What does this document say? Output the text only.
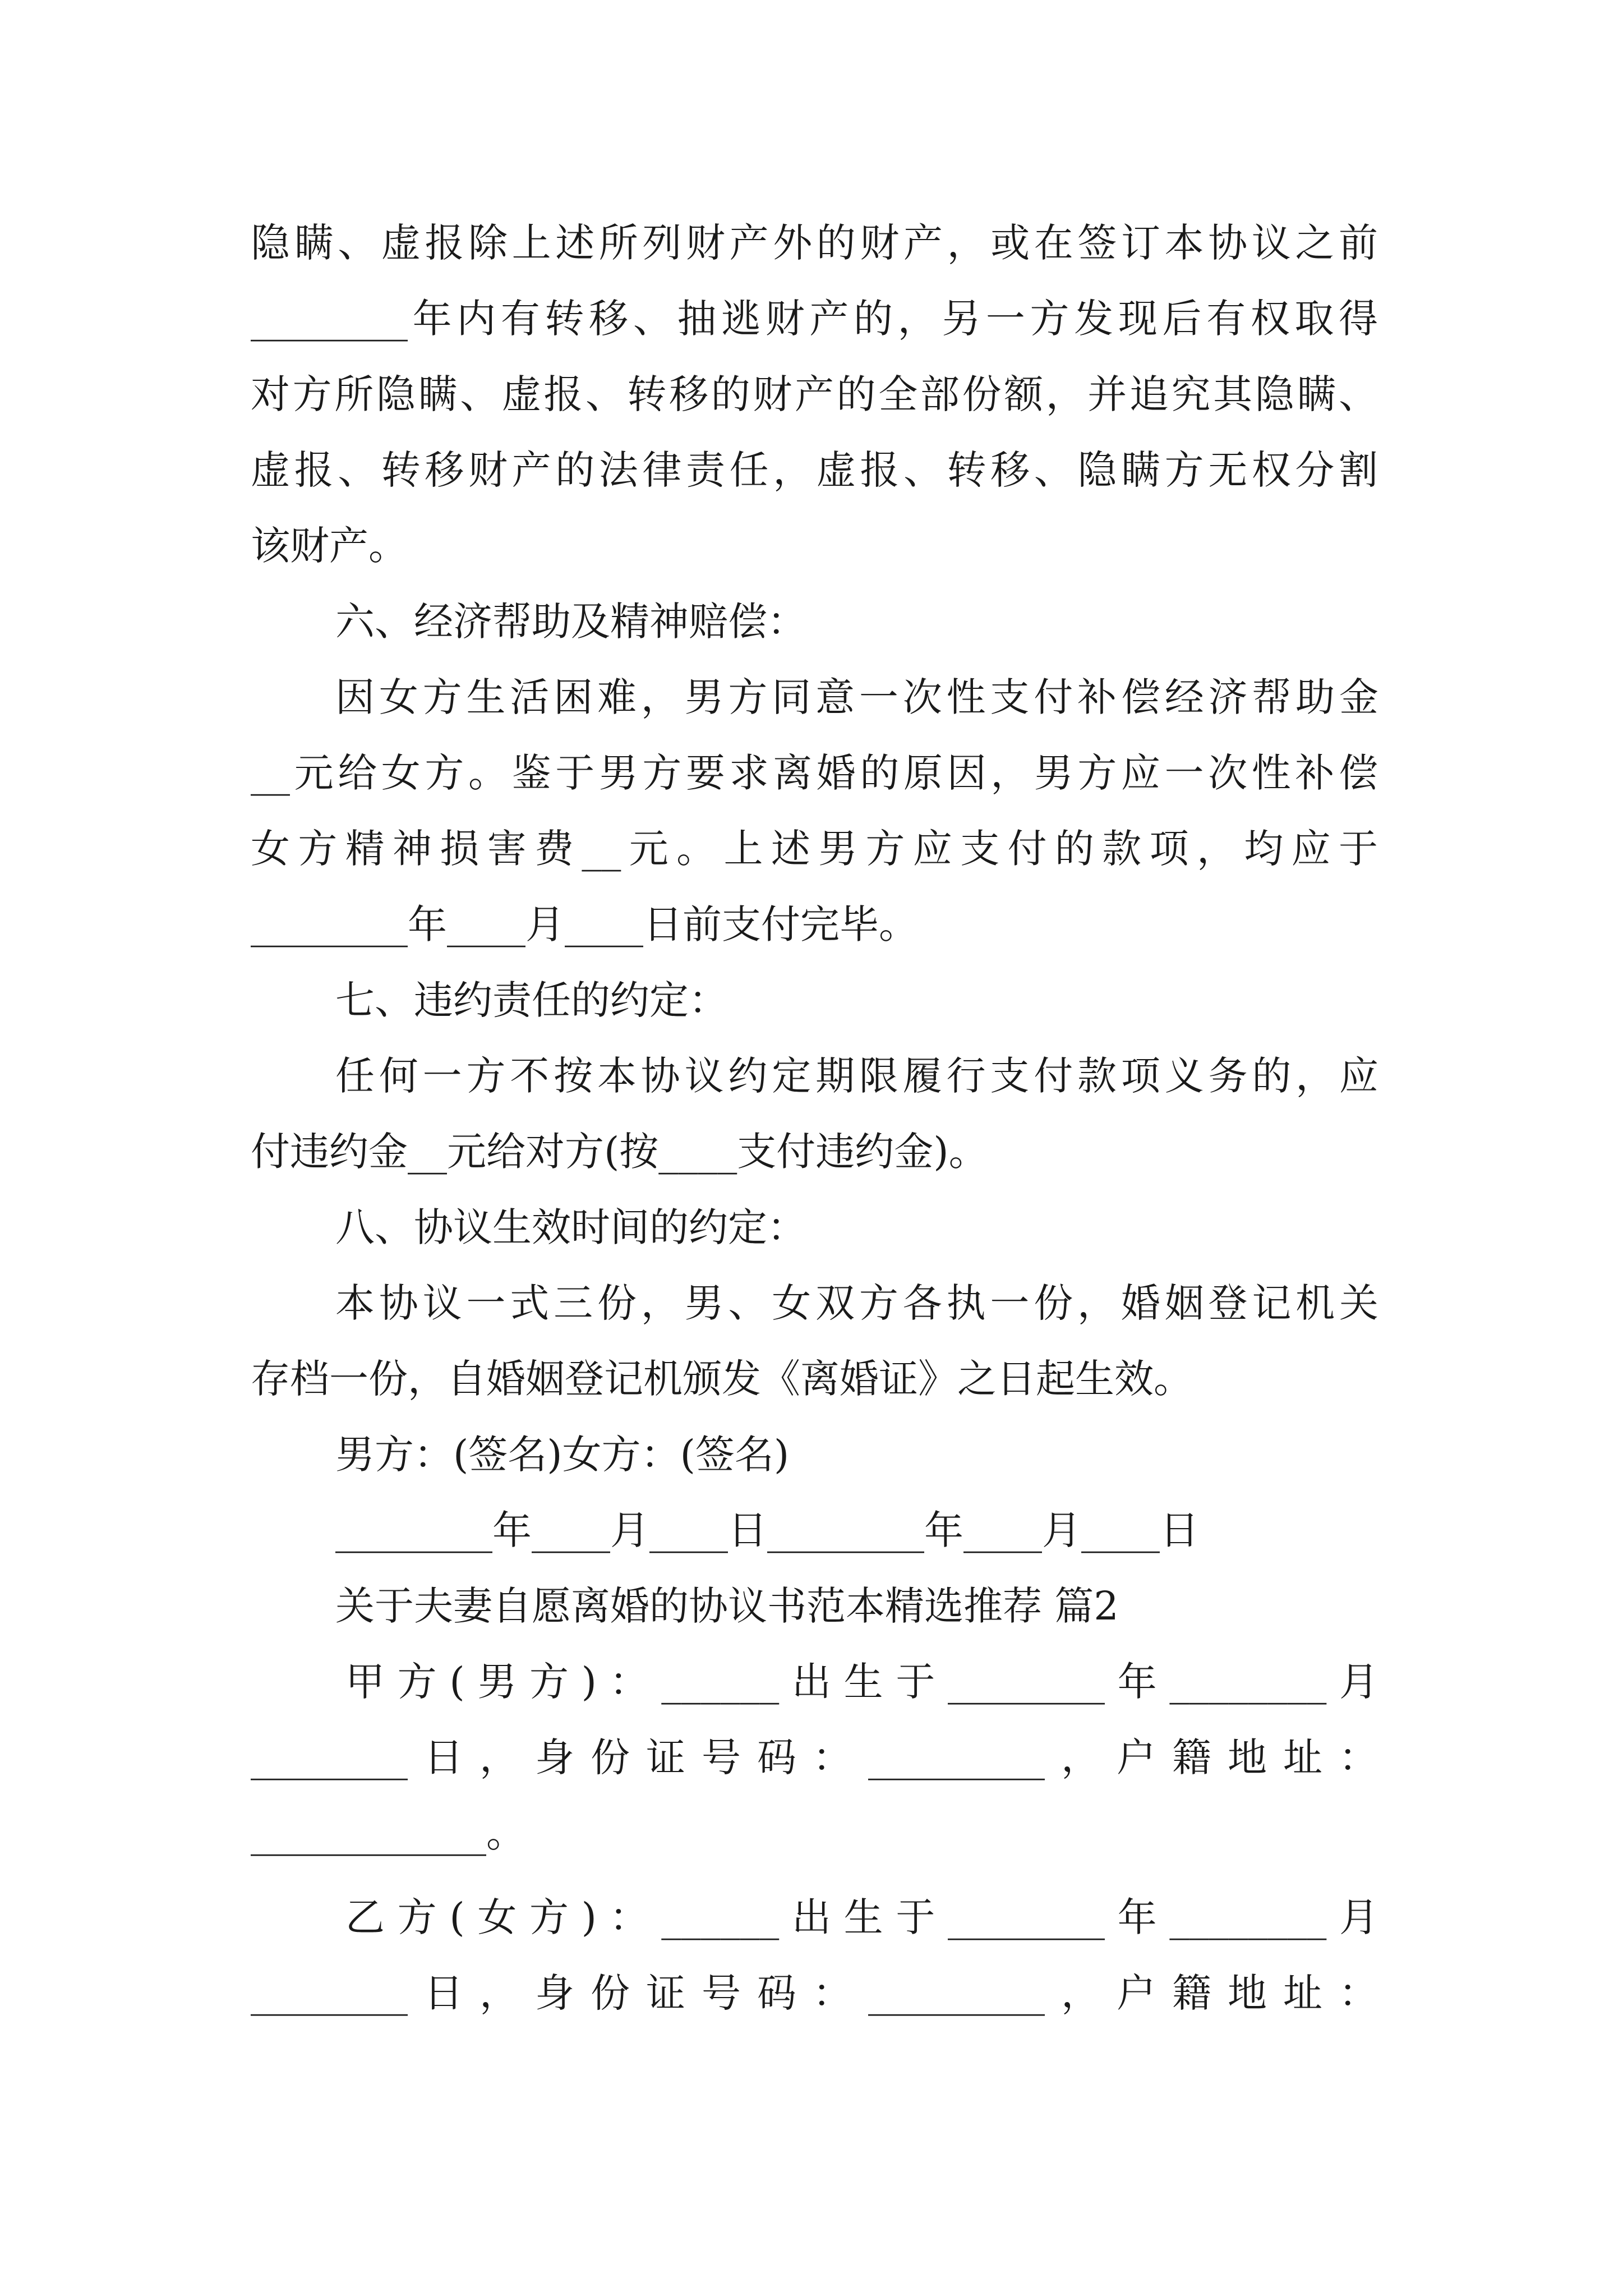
隐瞒、虚报除上述所列财产外的财产，或在签订本协议之前
________年内有转移、抽逃财产的，另一方发现后有权取得
对方所隐瞒、虚报、转移的财产的全部份额，并追究其隐瞒、
虚报、转移财产的法律责任，虚报、转移、隐瞒方无权分割
该财产。
六、经济帮助及精神赔偿：
因女方生活困难，男方同意一次性支付补偿经济帮助金
__元给女方。鉴于男方要求离婚的原因，男方应一次性补偿
女方精神损害费__元。上述男方应支付的款项，均应于
________年____月____日前支付完毕。
七、违约责任的约定：
任何一方不按本协议约定期限履行支付款项义务的，应
付违约金__元给对方(按____支付违约金)。
八、协议生效时间的约定：
本协议一式三份，男、女双方各执一份，婚姻登记机关
存档一份，自婚姻登记机颁发《离婚证》之日起生效。
男方：(签名)女方：(签名)
________年____月____日________年____月____日
关于夫妻自愿离婚的协议书范本精选推荐 篇2
甲方(男方)：______出生于________年________月
________日，身份证号码：_________，户籍地址：
____________。
乙方(女方)：______出生于________年________月
________日，身份证号码：_________，户籍地址：
